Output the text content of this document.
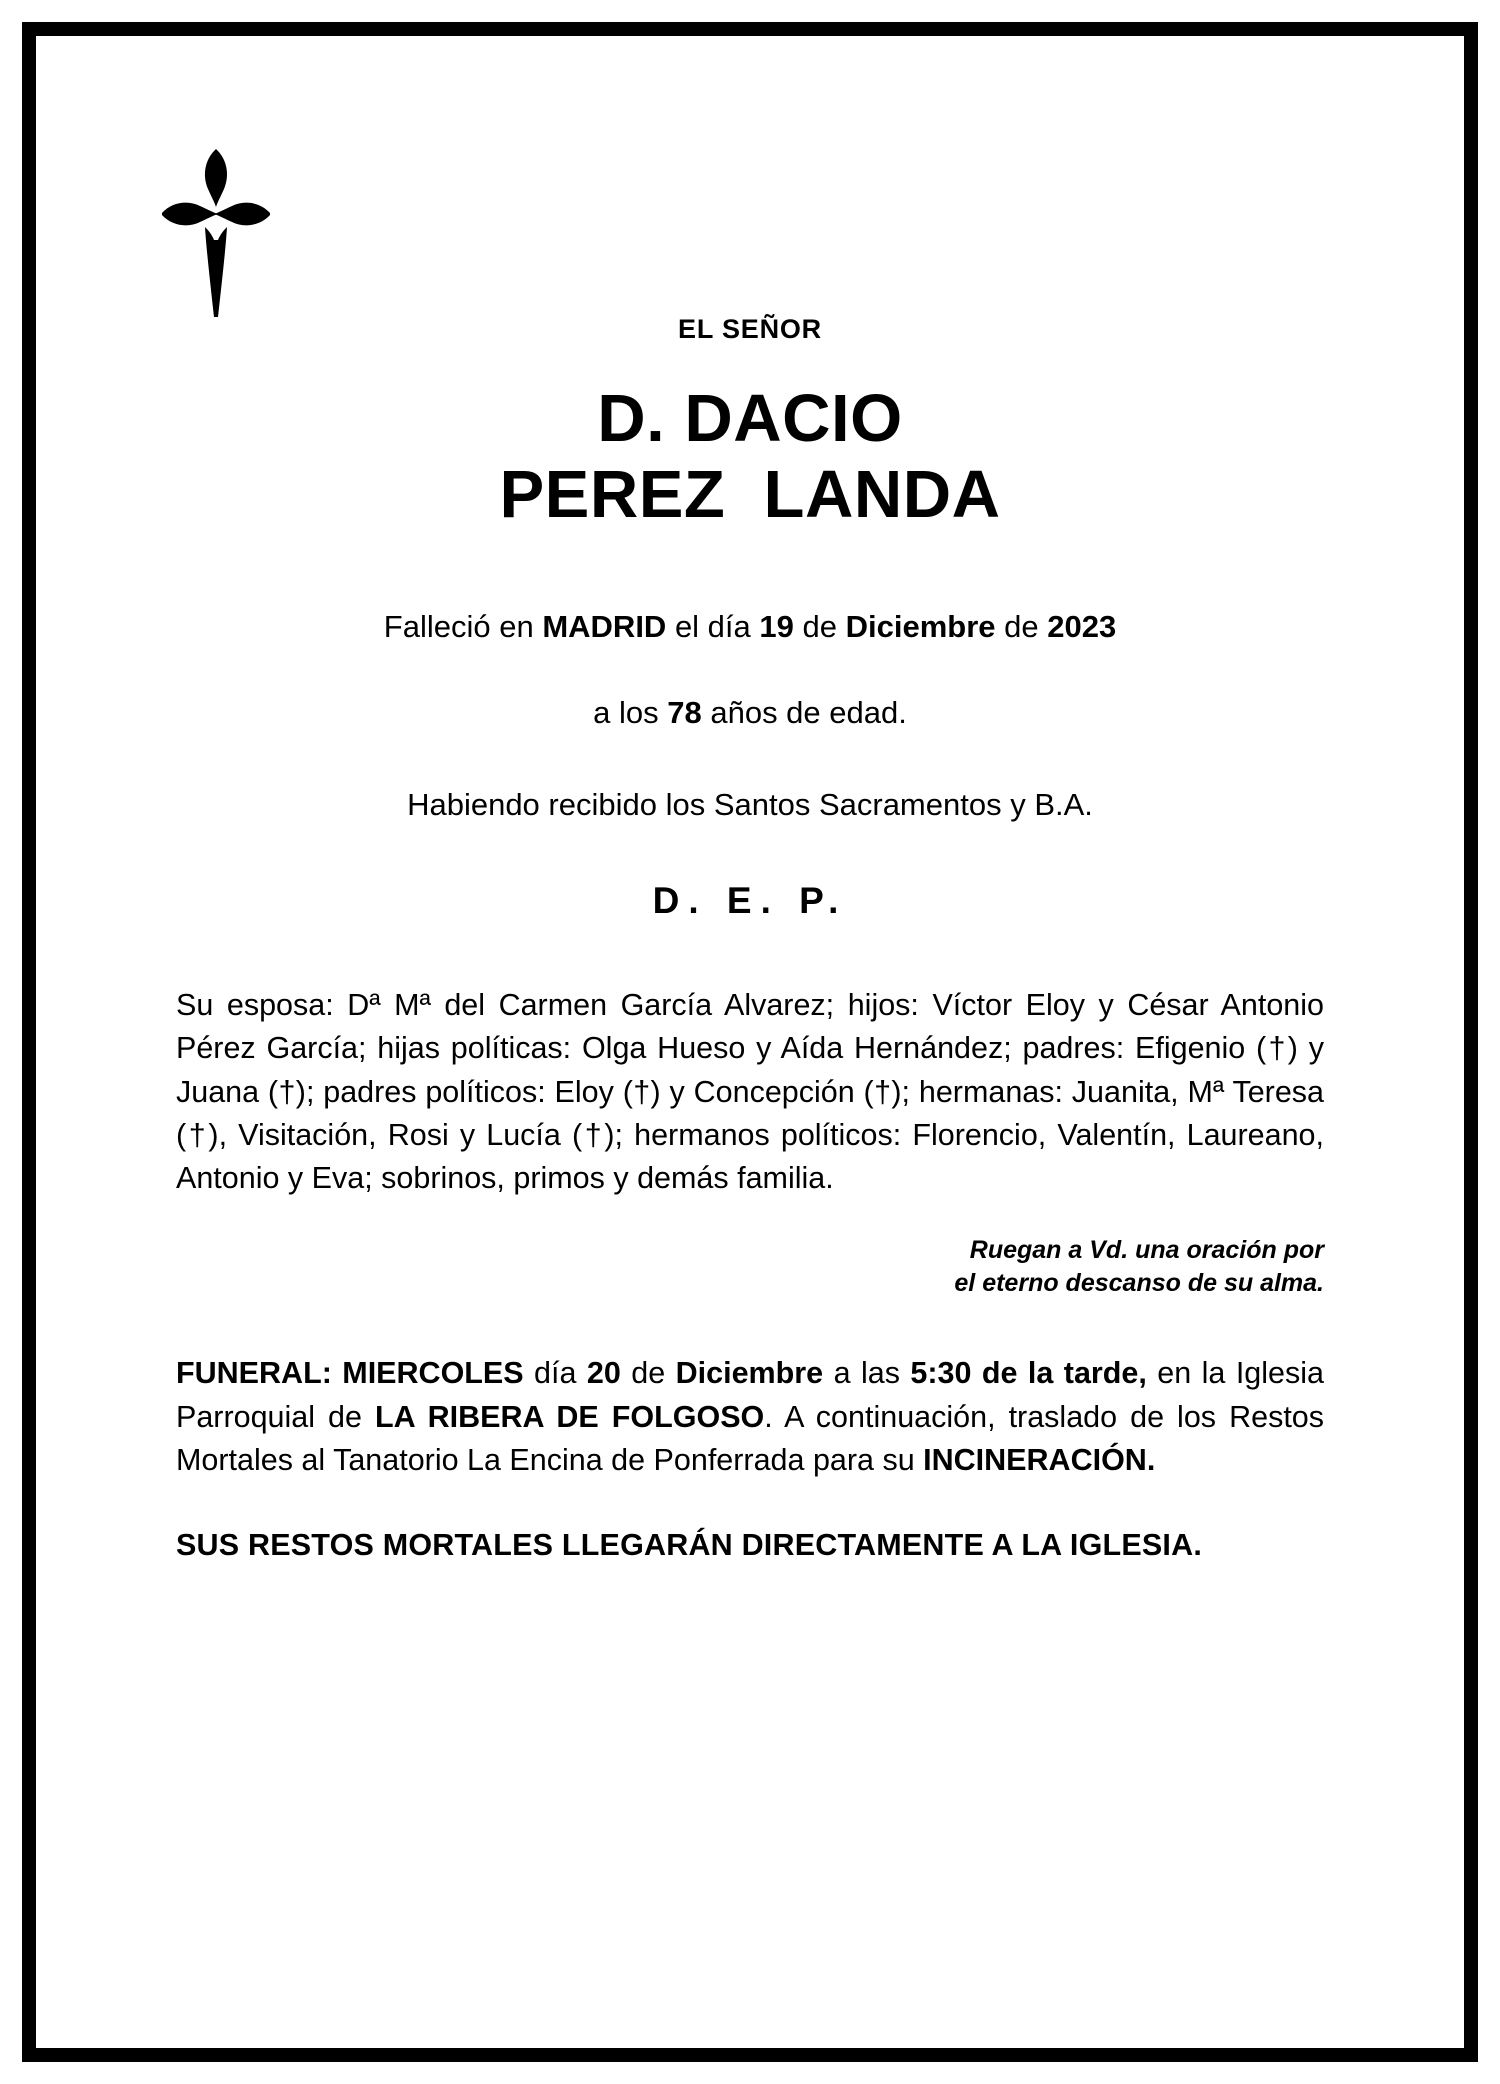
EL SEÑOR
D. DACIO
PEREZ  LANDA
Falleció en MADRID el día 19 de Diciembre de 2023
a los 78 años de edad.
Habiendo recibido los Santos Sacramentos y B.A.
D. E. P.
Su esposa: Dª Mª del Carmen García Alvarez; hijos: Víctor Eloy y César Antonio Pérez García; hijas políticas: Olga Hueso y Aída Hernández; padres: Efigenio (†) y Juana (†); padres políticos: Eloy (†) y Concepción (†); hermanas: Juanita, Mª Teresa (†), Visitación, Rosi y Lucía (†); hermanos políticos: Florencio, Valentín, Laureano, Antonio y Eva; sobrinos, primos y demás familia.
Ruegan a Vd. una oración por
el eterno descanso de su alma.
FUNERAL: MIERCOLES día 20 de Diciembre a las 5:30 de la tarde, en la Iglesia Parroquial de LA RIBERA DE FOLGOSO. A continuación, traslado de los Restos Mortales al Tanatorio La Encina de Ponferrada para su INCINERACIÓN.
SUS RESTOS MORTALES LLEGARÁN DIRECTAMENTE A LA IGLESIA.
